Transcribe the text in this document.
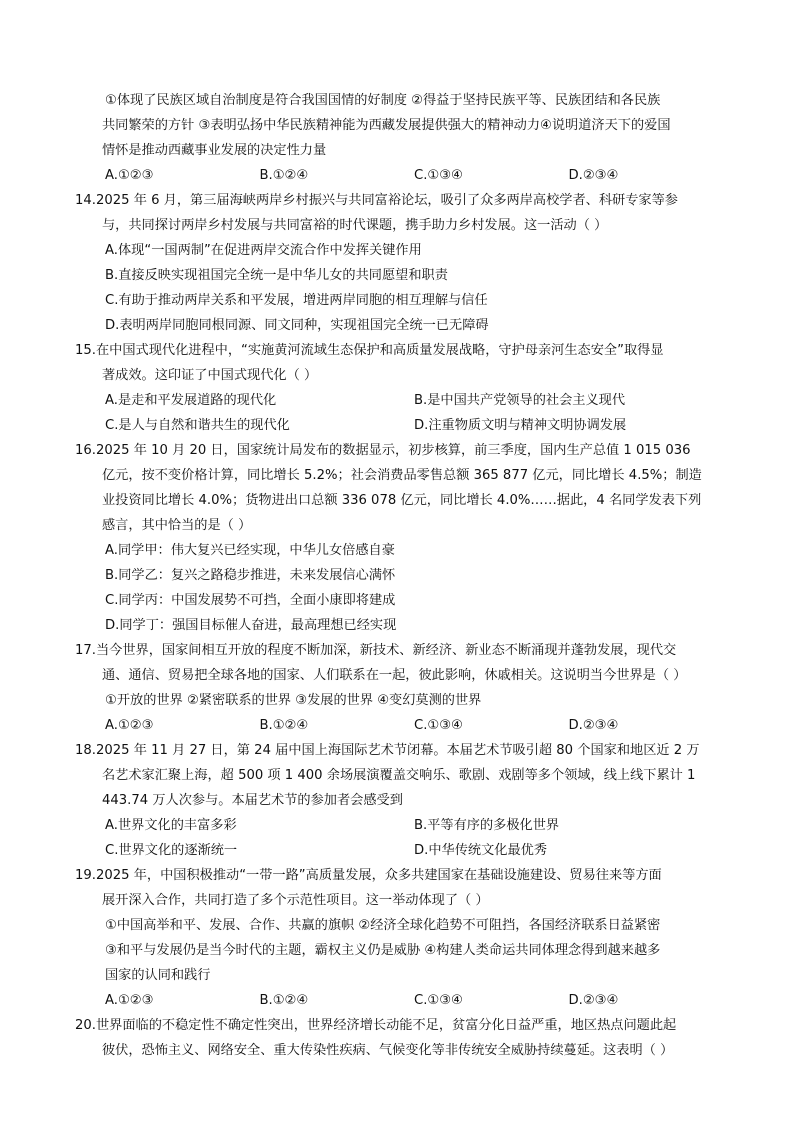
①体现了民族区域自治制度是符合我国国情的好制度 ②得益于坚持民族平等、民族团结和各民族
共同繁荣的方针 ③表明弘扬中华民族精神能为西藏发展提供强大的精神动力④说明道济天下的爱国
情怀是推动西藏事业发展的决定性力量
A.①②③	B.①②④	C.①③④	D.②③④
14.2025 年 6 月，第三届海峡两岸乡村振兴与共同富裕论坛，吸引了众多两岸高校学者、科研专家等参
与，共同探讨两岸乡村发展与共同富裕的时代课题，携手助力乡村发展。这一活动（ ）
A.体现“一国两制”在促进两岸交流合作中发挥关键作用
B.直接反映实现祖国完全统一是中华儿女的共同愿望和职责
C.有助于推动两岸关系和平发展，增进两岸同胞的相互理解与信任
D.表明两岸同胞同根同源、同文同种，实现祖国完全统一已无障碍
15.在中国式现代化进程中，“实施黄河流域生态保护和高质量发展战略，守护母亲河生态安全”取得显
著成效。这印证了中国式现代化（ ）
A.是走和平发展道路的现代化	B.是中国共产党领导的社会主义现代
C.是人与自然和谐共生的现代化	D.注重物质文明与精神文明协调发展
16.2025 年 10 月 20 日，国家统计局发布的数据显示，初步核算，前三季度，国内生产总值 1 015 036
亿元，按不变价格计算，同比增长 5.2%；社会消费品零售总额 365 877 亿元，同比增长 4.5%；制造
业投资同比增长 4.0%；货物进出口总额 336 078 亿元，同比增长 4.0%……据此，4 名同学发表下列
感言，其中恰当的是（ ）
A.同学甲：伟大复兴已经实现，中华儿女倍感自豪
B.同学乙：复兴之路稳步推进，未来发展信心满怀
C.同学丙：中国发展势不可挡，全面小康即将建成
D.同学丁：强国目标催人奋进，最高理想已经实现
17.当今世界，国家间相互开放的程度不断加深，新技术、新经济、新业态不断涌现并蓬勃发展，现代交
通、通信、贸易把全球各地的国家、人们联系在一起，彼此影响，休戚相关。这说明当今世界是（ ）
①开放的世界 ②紧密联系的世界 ③发展的世界 ④变幻莫测的世界
A.①②③	B.①②④	C.①③④	D.②③④
18.2025 年 11 月 27 日，第 24 届中国上海国际艺术节闭幕。本届艺术节吸引超 80 个国家和地区近 2 万
名艺术家汇聚上海，超 500 项 1 400 余场展演覆盖交响乐、歌剧、戏剧等多个领域，线上线下累计 1
443.74 万人次参与。本届艺术节的参加者会感受到
A.世界文化的丰富多彩	B.平等有序的多极化世界
C.世界文化的逐渐统一	D.中华传统文化最优秀
19.2025 年，中国积极推动“一带一路”高质量发展，众多共建国家在基础设施建设、贸易往来等方面
展开深入合作，共同打造了多个示范性项目。这一举动体现了（ ）
①中国高举和平、发展、合作、共赢的旗帜 ②经济全球化趋势不可阻挡，各国经济联系日益紧密
③和平与发展仍是当今时代的主题，霸权主义仍是威胁 ④构建人类命运共同体理念得到越来越多
国家的认同和践行
A.①②③	B.①②④	C.①③④	D.②③④
20.世界面临的不稳定性不确定性突出，世界经济增长动能不足，贫富分化日益严重，地区热点问题此起
彼伏，恐怖主义、网络安全、重大传染性疾病、气候变化等非传统安全威胁持续蔓延。这表明（ ）
